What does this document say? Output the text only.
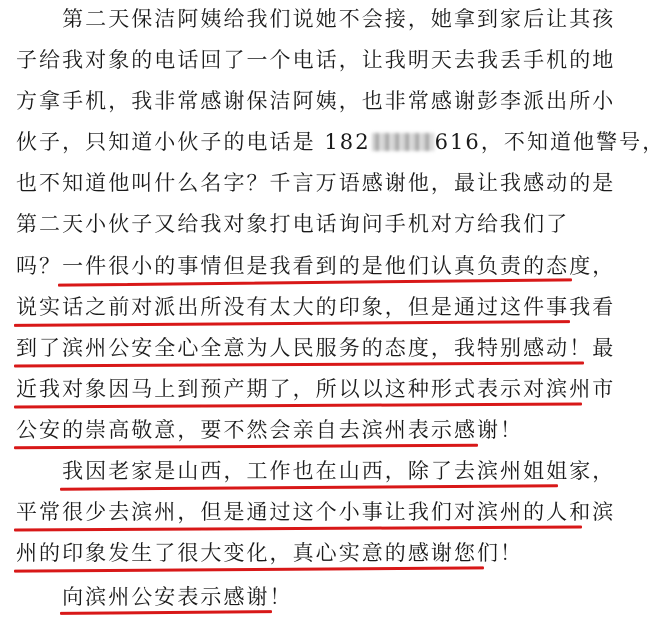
　　第二天保洁阿姨给我们说她不会接，她拿到家后让其孩
子给我对象的电话回了一个电话，让我明天去我丢手机的地
方拿手机，我非常感谢保洁阿姨，也非常感谢彭李派出所小
伙子，只知道小伙子的电话是 182	616，不知道他警号，
也不知道他叫什么名字？千言万语感谢他，最让我感动的是
第二天小伙子又给我对象打电话询问手机对方给我们了
吗？一件很小的事情但是我看到的是他们认真负责的态度，
说实话之前对派出所没有太大的印象，但是通过这件事我看
到了滨州公安全心全意为人民服务的态度，我特别感动！最
近我对象因马上到预产期了，所以以这种形式表示对滨州市
公安的崇高敬意，要不然会亲自去滨州表示感谢！
　　我因老家是山西，工作也在山西，除了去滨州姐姐家，
平常很少去滨州，但是通过这个小事让我们对滨州的人和滨
州的印象发生了很大变化，真心实意的感谢您们！
　　向滨州公安表示感谢！
